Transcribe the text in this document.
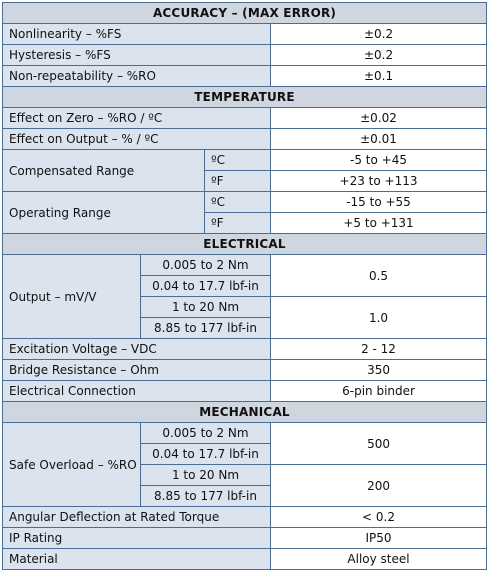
ACCURACY – (MAX ERROR)			
Nonlinearity – %FS			±0.2
Hysteresis – %FS			±0.2
Non-repeatability – %RO			±0.1
TEMPERATURE			
Effect on Zero – %RO / ºC			±0.02
Effect on Output – % / ºC			±0.01
Compensated Range		ºC	-5 to +45
		ºF	+23 to +113
Operating Range		ºC	-15 to +55
		ºF	+5 to +131
ELECTRICAL			
Output – mV/V	0.005 to 2 Nm		0.5
	0.04 to 17.7 lbf-in		
	1 to 20 Nm		1.0
	8.85 to 177 lbf-in		
Excitation Voltage – VDC			2 - 12
Bridge Resistance – Ohm			350
Electrical Connection			6-pin binder
MECHANICAL			
Safe Overload – %RO	0.005 to 2 Nm		500
	0.04 to 17.7 lbf-in		
	1 to 20 Nm		200
	8.85 to 177 lbf-in		
Angular Deflection at Rated Torque			< 0.2
IP Rating			IP50
Material			Alloy steel
